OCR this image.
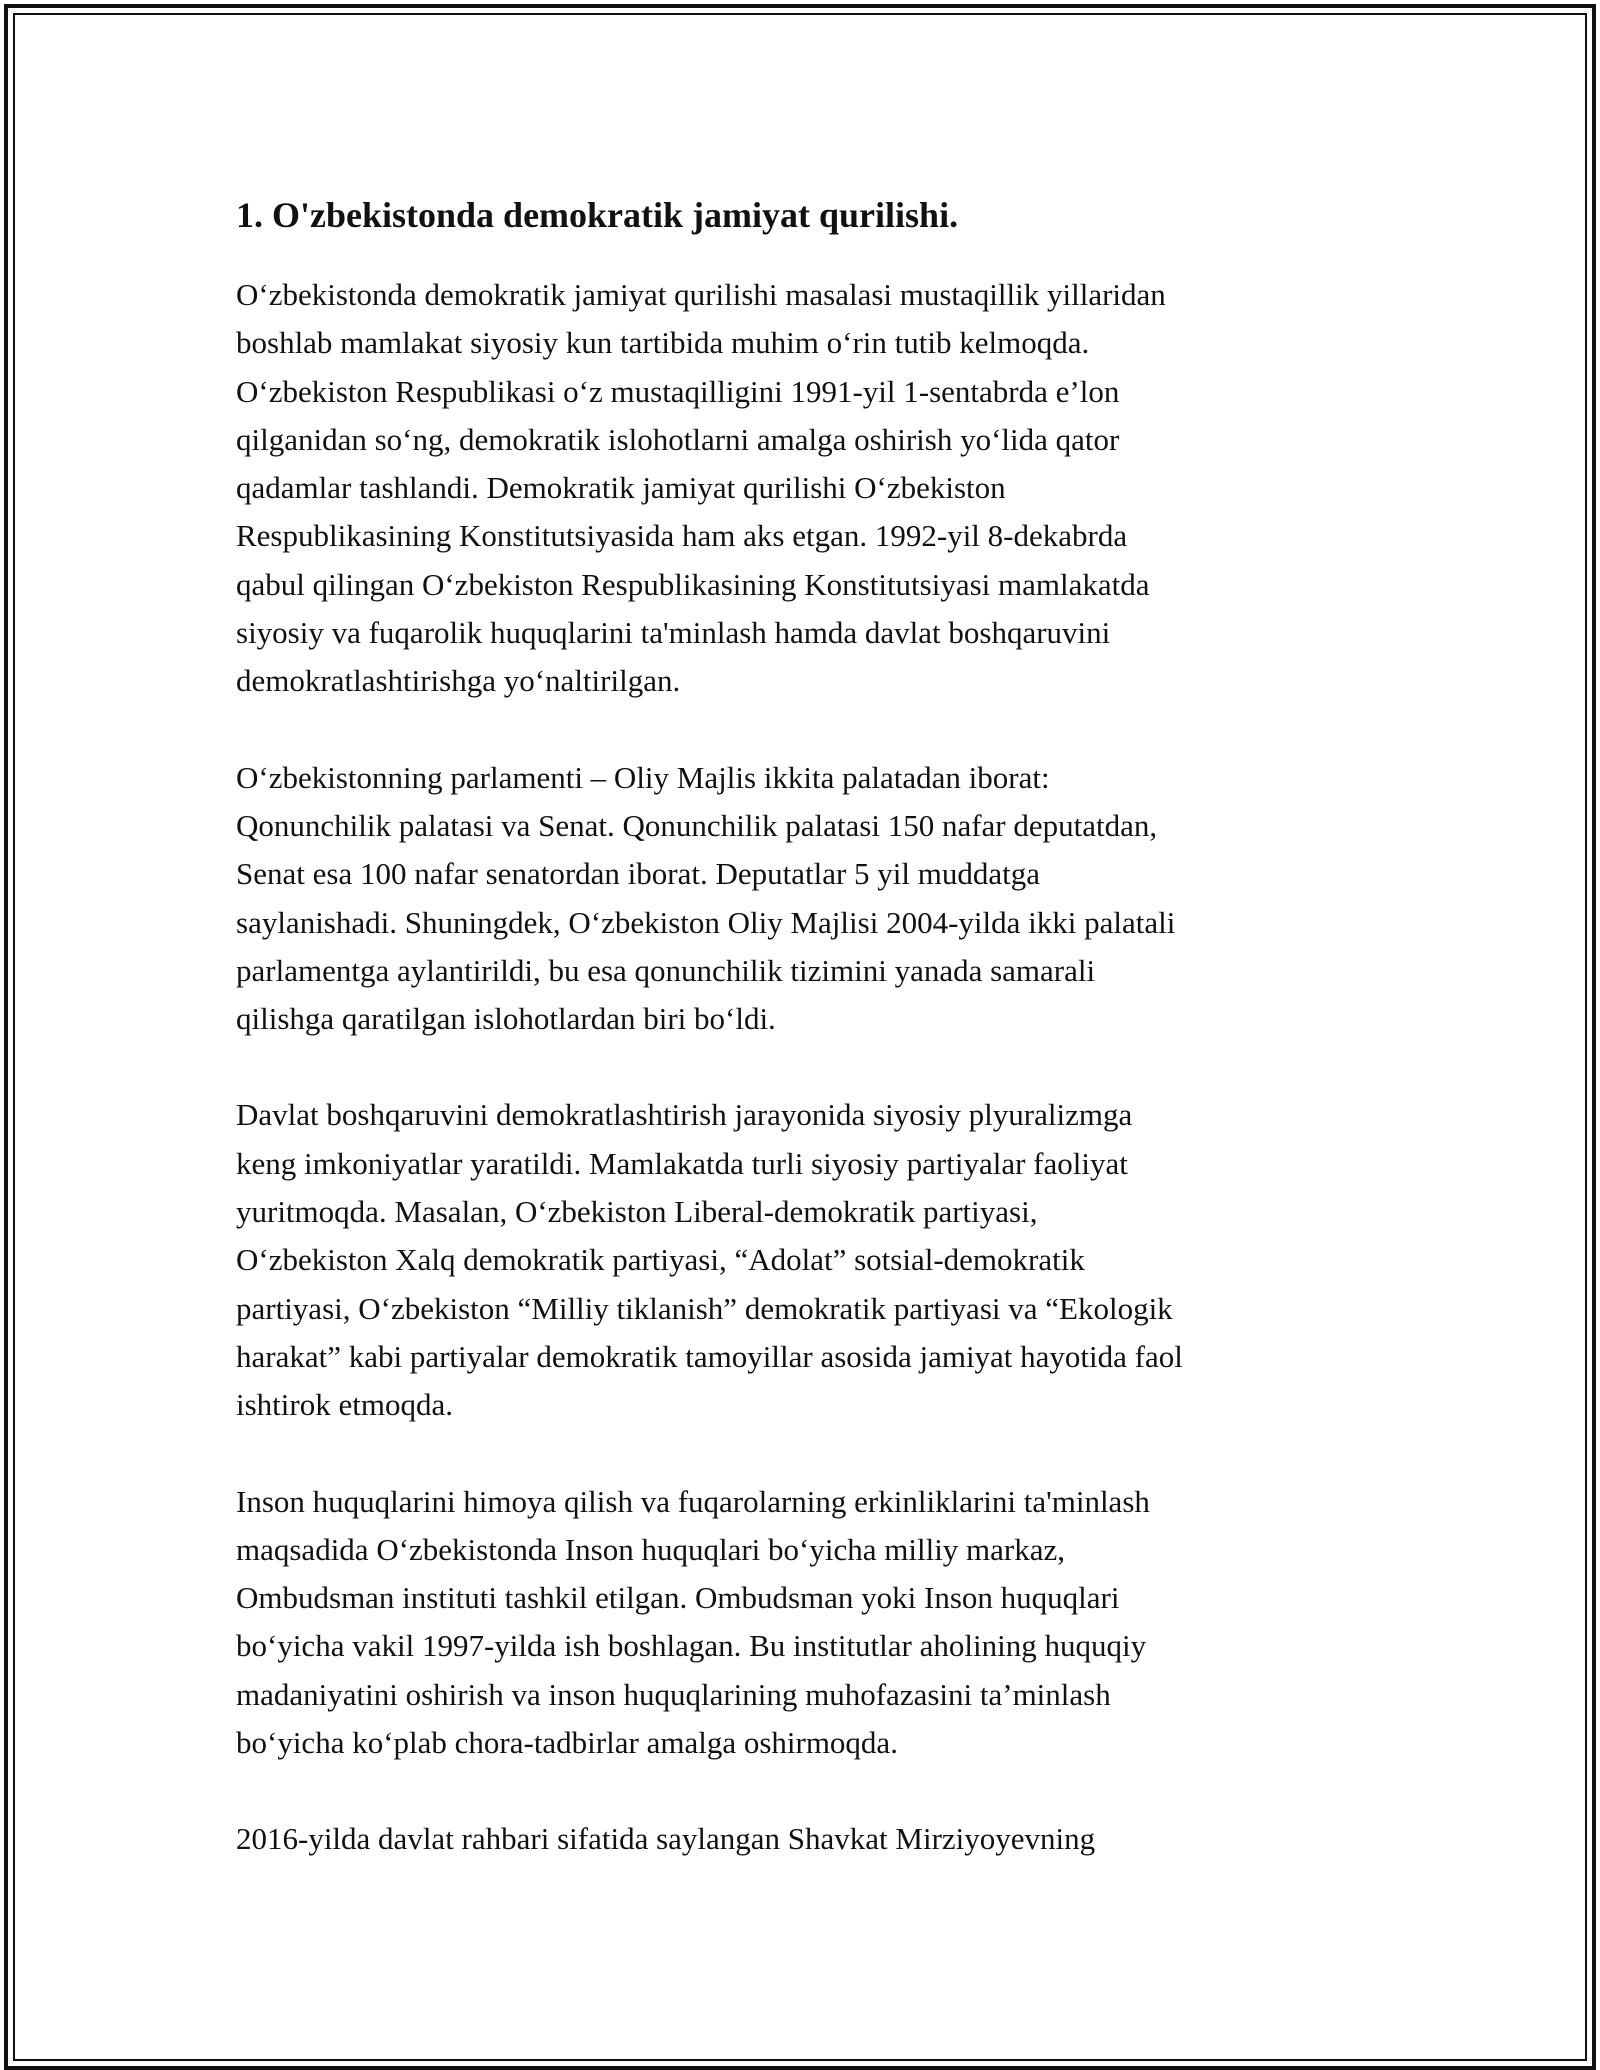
1. O'zbekistonda demokratik jamiyat qurilishi.

O‘zbekistonda demokratik jamiyat qurilishi masalasi mustaqillik yillaridan
boshlab mamlakat siyosiy kun tartibida muhim o‘rin tutib kelmoqda.
O‘zbekiston Respublikasi o‘z mustaqilligini 1991-yil 1-sentabrda e’lon
qilganidan so‘ng, demokratik islohotlarni amalga oshirish yo‘lida qator
qadamlar tashlandi. Demokratik jamiyat qurilishi O‘zbekiston
Respublikasining Konstitutsiyasida ham aks etgan. 1992-yil 8-dekabrda
qabul qilingan O‘zbekiston Respublikasining Konstitutsiyasi mamlakatda
siyosiy va fuqarolik huquqlarini ta'minlash hamda davlat boshqaruvini
demokratlashtirishga yo‘naltirilgan.

O‘zbekistonning parlamenti – Oliy Majlis ikkita palatadan iborat:
Qonunchilik palatasi va Senat. Qonunchilik palatasi 150 nafar deputatdan,
Senat esa 100 nafar senatordan iborat. Deputatlar 5 yil muddatga
saylanishadi. Shuningdek, O‘zbekiston Oliy Majlisi 2004-yilda ikki palatali
parlamentga aylantirildi, bu esa qonunchilik tizimini yanada samarali
qilishga qaratilgan islohotlardan biri bo‘ldi.

Davlat boshqaruvini demokratlashtirish jarayonida siyosiy plyuralizmga
keng imkoniyatlar yaratildi. Mamlakatda turli siyosiy partiyalar faoliyat
yuritmoqda. Masalan, O‘zbekiston Liberal-demokratik partiyasi,
O‘zbekiston Xalq demokratik partiyasi, “Adolat” sotsial-demokratik
partiyasi, O‘zbekiston “Milliy tiklanish” demokratik partiyasi va “Ekologik
harakat” kabi partiyalar demokratik tamoyillar asosida jamiyat hayotida faol
ishtirok etmoqda.

Inson huquqlarini himoya qilish va fuqarolarning erkinliklarini ta'minlash
maqsadida O‘zbekistonda Inson huquqlari bo‘yicha milliy markaz,
Ombudsman instituti tashkil etilgan. Ombudsman yoki Inson huquqlari
bo‘yicha vakil 1997-yilda ish boshlagan. Bu institutlar aholining huquqiy
madaniyatini oshirish va inson huquqlarining muhofazasini ta’minlash
bo‘yicha ko‘plab chora-tadbirlar amalga oshirmoqda.

2016-yilda davlat rahbari sifatida saylangan Shavkat Mirziyoyevning
